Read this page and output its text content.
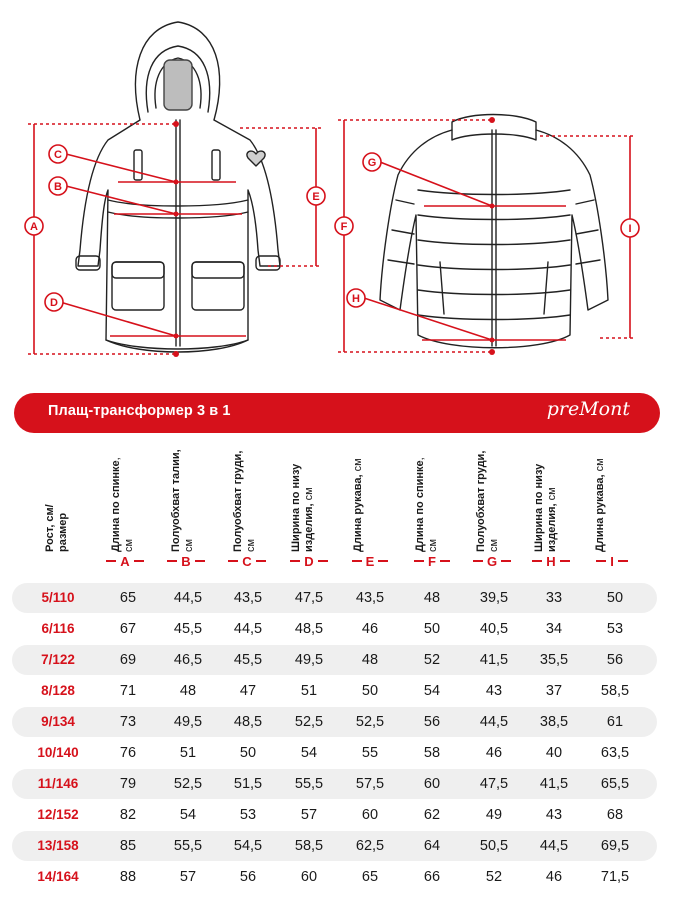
A
B
C
D
E
F
G
H
I
Плащ-трансформер 3 в 1	preMont
Рост, см/
размер	Длина по спинке, см	Полуобхват талии, см	Полуобхват груди, см	Ширина по низу изделия, см	Длина рукава, см	Длина по спинке, см	Полуобхват груди, см	Ширина по низу изделия, см	Длина рукава, см
A	B	C	D	E	F	G	H	I
5/110	65	44,5	43,5	47,5	43,5	48	39,5	33	50
6/116	67	45,5	44,5	48,5	46	50	40,5	34	53
7/122	69	46,5	45,5	49,5	48	52	41,5	35,5	56
8/128	71	48	47	51	50	54	43	37	58,5
9/134	73	49,5	48,5	52,5	52,5	56	44,5	38,5	61
10/140	76	51	50	54	55	58	46	40	63,5
11/146	79	52,5	51,5	55,5	57,5	60	47,5	41,5	65,5
12/152	82	54	53	57	60	62	49	43	68
13/158	85	55,5	54,5	58,5	62,5	64	50,5	44,5	69,5
14/164	88	57	56	60	65	66	52	46	71,5
